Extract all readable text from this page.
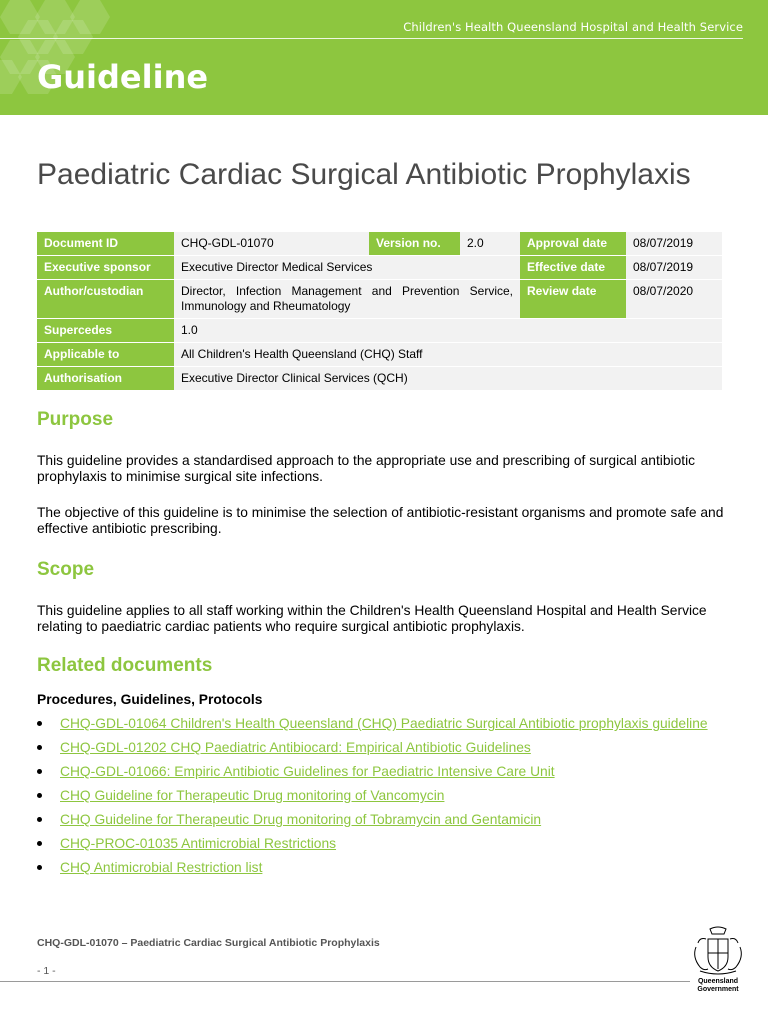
Children's Health Queensland Hospital and Health Service
Guideline
Paediatric Cardiac Surgical Antibiotic Prophylaxis
Document ID	CHQ-GDL-01070	Version no.	2.0	Approval date	08/07/2019
Executive sponsor	Executive Director Medical Services			Effective date	08/07/2019
Author/custodian	Director, Infection Management and Prevention Service, Immunology and Rheumatology			Review date	08/07/2020
Supercedes	1.0				
Applicable to	All Children's Health Queensland (CHQ) Staff				
Authorisation	Executive Director Clinical Services (QCH)				
Purpose
This guideline provides a standardised approach to the appropriate use and prescribing of surgical antibiotic prophylaxis to minimise surgical site infections.
The objective of this guideline is to minimise the selection of antibiotic-resistant organisms and promote safe and effective antibiotic prescribing.
Scope
This guideline applies to all staff working within the Children's Health Queensland Hospital and Health Service relating to paediatric cardiac patients who require surgical antibiotic prophylaxis.
Related documents
Procedures, Guidelines, Protocols
CHQ-GDL-01064 Children's Health Queensland (CHQ) Paediatric Surgical Antibiotic prophylaxis guideline
CHQ-GDL-01202 CHQ Paediatric Antibiocard: Empirical Antibiotic Guidelines
CHQ-GDL-01066: Empiric Antibiotic Guidelines for Paediatric Intensive Care Unit
CHQ Guideline for Therapeutic Drug monitoring of Vancomycin
CHQ Guideline for Therapeutic Drug monitoring of Tobramycin and Gentamicin
CHQ-PROC-01035 Antimicrobial Restrictions
CHQ Antimicrobial Restriction list
CHQ-GDL-01070 – Paediatric Cardiac Surgical Antibiotic Prophylaxis
- 1 -
Queensland
Government
